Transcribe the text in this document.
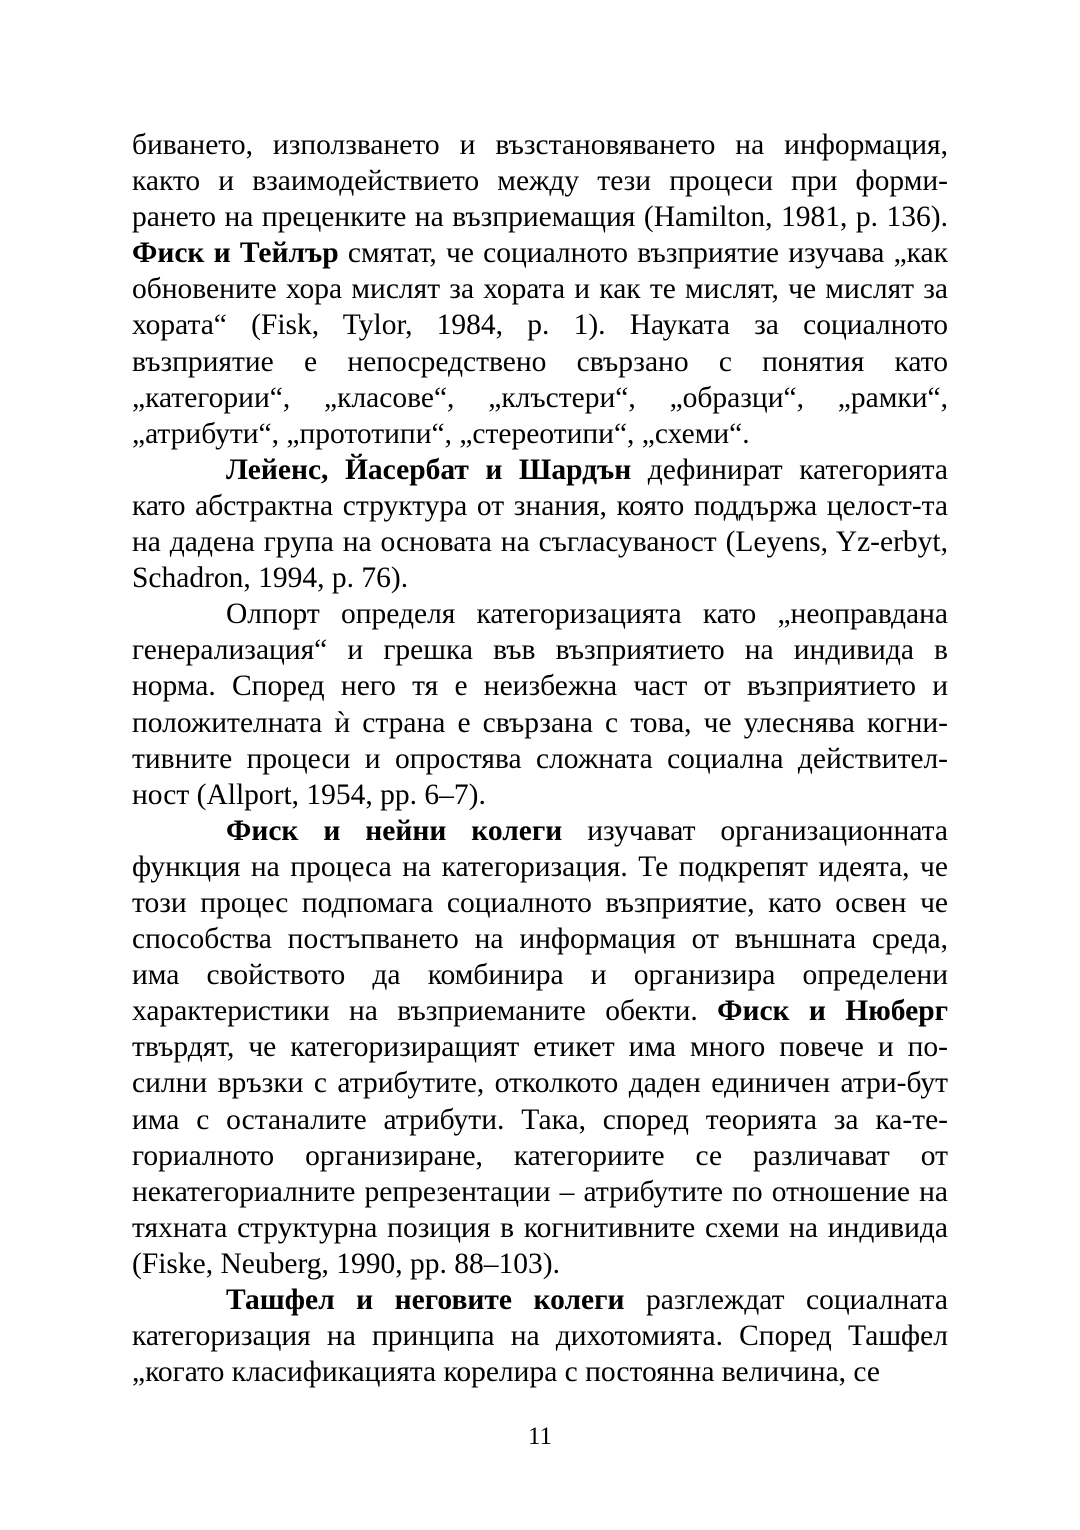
биването, използването и възстановяването на информация, както и взаимодействието между тези процеси при форми-рането на преценките на възприемащия (Hamilton, 1981, p. 136). Фиск и Тейлър смятат, че социалното възприятие изучава „как обновените хора мислят за хората и как те мислят, че мислят за хората“ (Fisk, Tylor, 1984, p. 1). Науката за социалното възприятие е непосредствено свързано с понятия като „категории“, „класове“, „клъстери“, „образци“, „рамки“, „атрибути“, „прототипи“, „стереотипи“, „схеми“.

Лейенс, Йасербат и Шардън дефинират категорията като абстрактна структура от знания, която поддържа целост-та на дадена група на основата на съгласуваност (Leyens, Yz-erbyt, Schadron, 1994, p. 76).

Олпорт определя категоризацията като „неоправдана генерализация“ и грешка във възприятието на индивида в норма. Според него тя е неизбежна част от възприятието и положителната ѝ страна е свързана с това, че улеснява когни-тивните процеси и опростява сложната социална действител-ност (Allport, 1954, pp. 6–7).

Фиск и нейни колеги изучават организационната функция на процеса на категоризация. Те подкрепят идеята, че този процес подпомага социалното възприятие, като освен че способства постъпването на информация от външната среда, има свойството да комбинира и организира определени характеристики на възприеманите обекти. Фиск и Нюберг твърдят, че категоризиращият етикет има много повече и по-силни връзки с атрибутите, отколкото даден единичен атри-бут има с останалите атрибути. Така, според теорията за ка-те-гориалното организиране, категориите се различават от некатегориалните репрезентации – атрибутите по отношение на тяхната структурна позиция в когнитивните схеми на индивида (Fiske, Neuberg, 1990, pp. 88–103).

Ташфел и неговите колеги разглеждат социалната категоризация на принципа на дихотомията. Според Ташфел „когато класификацията корелира с постоянна величина, се

11
